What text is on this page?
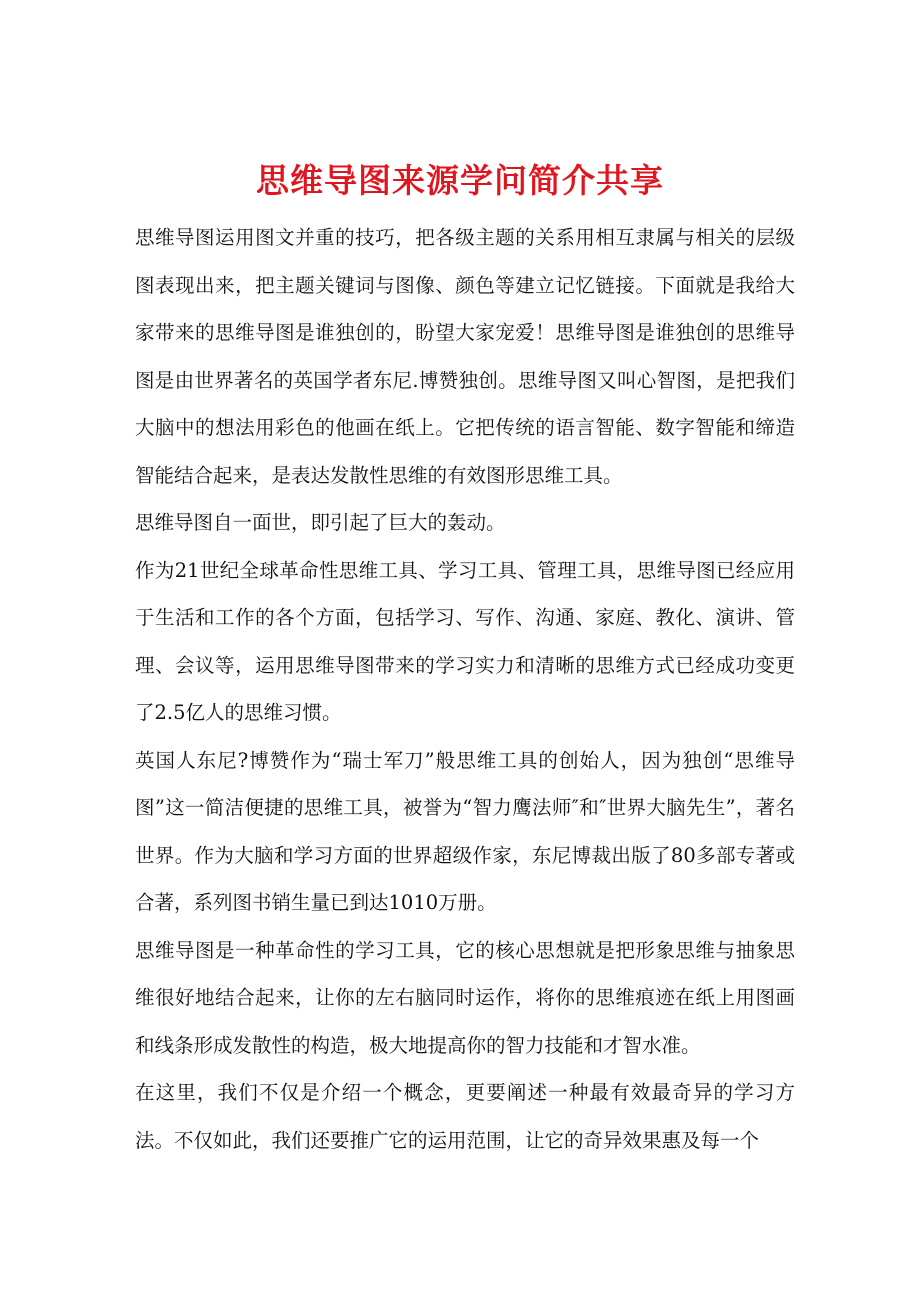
思维导图来源学问简介共享

思维导图运用图文并重的技巧，把各级主题的关系用相互隶属与相关的层级图表现出来，把主题关键词与图像、颜色等建立记忆链接。下面就是我给大家带来的思维导图是谁独创的，盼望大家宠爱！思维导图是谁独创的思维导图是由世界著名的英国学者东尼.博赞独创。思维导图又叫心智图，是把我们大脑中的想法用彩色的他画在纸上。它把传统的语言智能、数字智能和缔造智能结合起来，是表达发散性思维的有效图形思维工具。

思维导图自一面世，即引起了巨大的轰动。

作为21世纪全球革命性思维工具、学习工具、管理工具，思维导图已经应用于生活和工作的各个方面，包括学习、写作、沟通、家庭、教化、演讲、管理、会议等，运用思维导图带来的学习实力和清晰的思维方式已经成功变更了2.5亿人的思维习惯。

英国人东尼?博赞作为“瑞士军刀”般思维工具的创始人，因为独创“思维导图”这一简洁便捷的思维工具，被誉为“智力鹰法师″和″世界大脑先生”，著名世界。作为大脑和学习方面的世界超级作家，东尼博裁出版了80多部专著或合著，系列图书销生量已到达1010万册。

思维导图是一种革命性的学习工具，它的核心思想就是把形象思维与抽象思维很好地结合起来，让你的左右脑同时运作，将你的思维痕迹在纸上用图画和线条形成发散性的构造，极大地提高你的智力技能和才智水准。

在这里，我们不仅是介绍一个概念，更要阐述一种最有效最奇异的学习方法。不仅如此，我们还要推广它的运用范围，让它的奇异效果惠及每一个
